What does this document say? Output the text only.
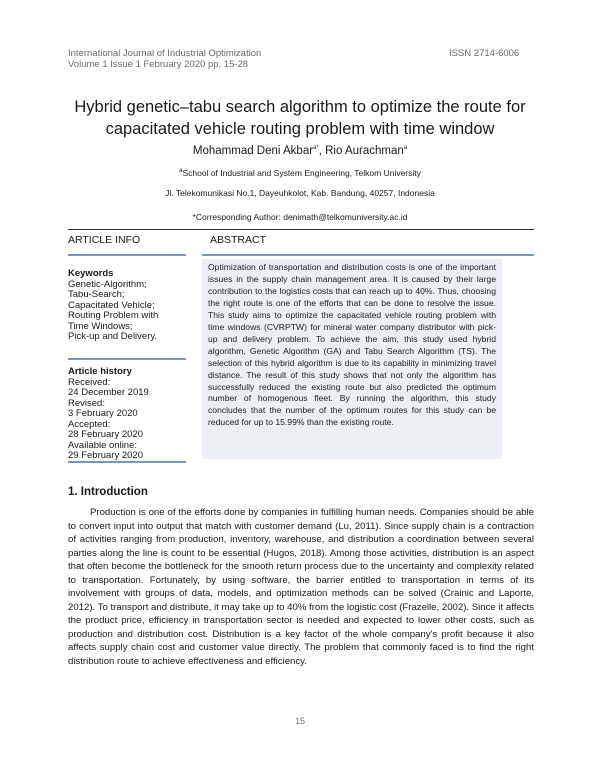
International Journal of Industrial Optimization
Volume 1 Issue 1 February 2020 pp. 15-28
ISSN 2714-6006
Hybrid genetic–tabu search algorithm to optimize the route for
capacitated vehicle routing problem with time window
Mohammad Deni Akbar$^{a*}$, Rio Aurachman$^a$
$^a$School of Industrial and System Engineering, Telkom University
Jl. Telekomunikasi No.1, Dayeuhkolot, Kab. Bandung, 40257, Indonesia
*Corresponding Author: denimath@telkomuniversity.ac.id
ARTICLE INFO	ABSTRACT
Keywords
Genetic-Algorithm;
Tabu-Search;
Capacitated Vehicle;
Routing Problem with
Time Windows;
Pick-up and Delivery.
Article history
Received:
24 December 2019
Revised:
3 February 2020
Accepted:
28 February 2020
Available online:
29 February 2020

Optimization of transportation and distribution costs is one of the important issues in the supply chain management area. It is caused by their large contribution to the logistics costs that can reach up to 40%. Thus, choosing the right route is one of the efforts that can be done to resolve the issue. This study aims to optimize the capacitated vehicle routing problem with time windows (CVRPTW) for mineral water company distributor with pick-up and delivery problem. To achieve the aim, this study used hybrid algorithm, Genetic Algorithm (GA) and Tabu Search Algorithm (TS). The selection of this hybrid algorithm is due to its capability in minimizing travel distance. The result of this study shows that not only the algorithm has successfully reduced the existing route but also predicted the optimum number of homogenous fleet. By running the algorithm, this study concludes that the number of the optimum routes for this study can be reduced for up to 15.99% than the existing route.

1. Introduction

Production is one of the efforts done by companies in fulfilling human needs. Companies should be able to convert input into output that match with customer demand (Lu, 2011). Since supply chain is a contraction of activities ranging from production, inventory, warehouse, and distribution a coordination between several parties along the line is count to be essential (Hugos, 2018). Among those activities, distribution is an aspect that often become the bottleneck for the smooth return process due to the uncertainty and complexity related to transportation. Fortunately, by using software, the barrier entitled to transportation in terms of its involvement with groups of data, models, and optimization methods can be solved (Crainic and Laporte, 2012). To transport and distribute, it may take up to 40% from the logistic cost (Frazelle, 2002). Since it affects the product price, efficiency in transportation sector is needed and expected to lower other costs, such as production and distribution cost. Distribution is a key factor of the whole company's profit because it also affects supply chain cost and customer value directly. The problem that commonly faced is to find the right distribution route to achieve effectiveness and efficiency.

15
